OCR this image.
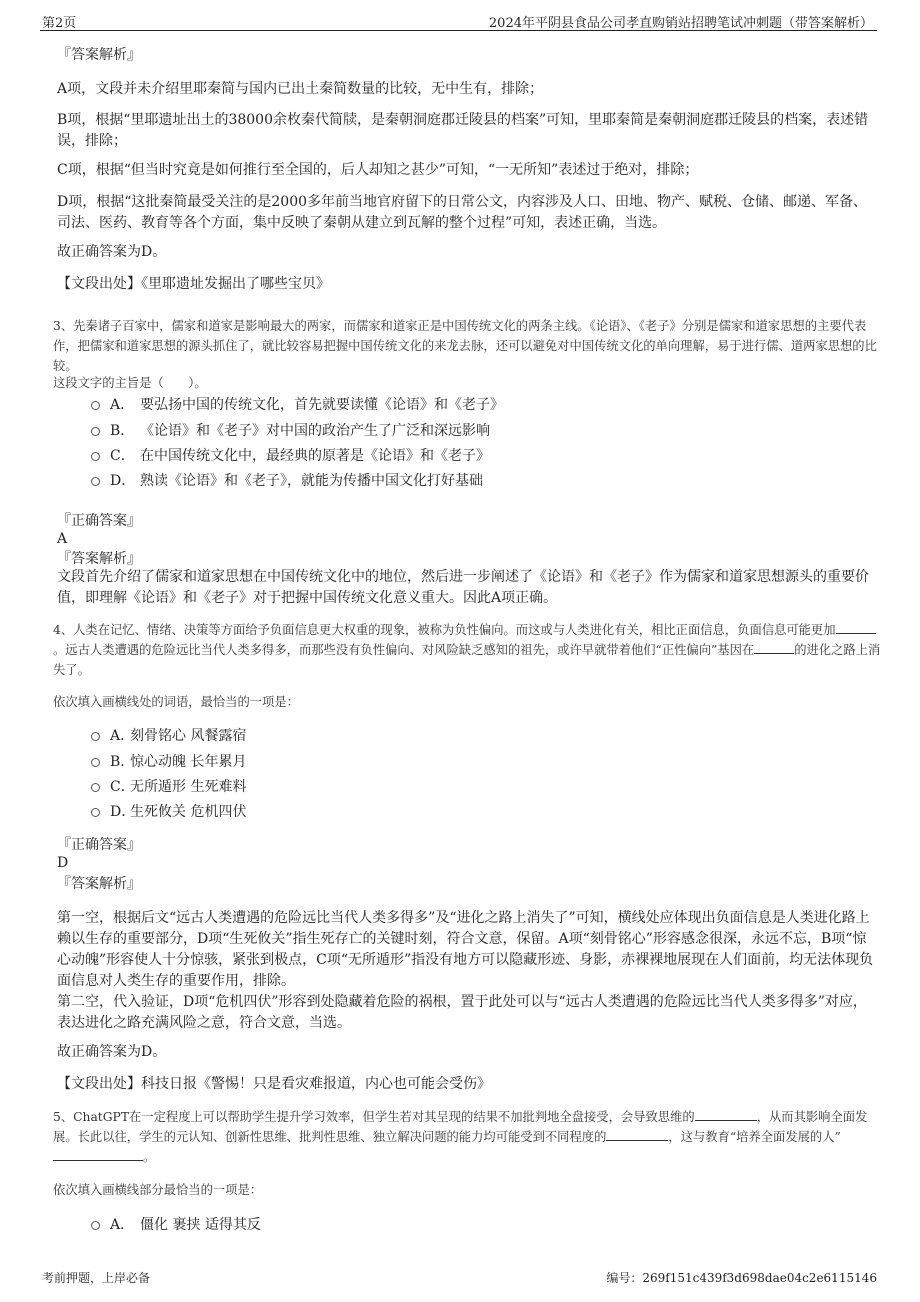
第2页	2024年平阴县食品公司孝直购销站招聘笔试冲刺题（带答案解析）

『答案解析』

A项，文段并未介绍里耶秦简与国内已出土秦简数量的比较，无中生有，排除；

B项，根据“里耶遗址出土的38000余枚秦代简牍，是秦朝洞庭郡迁陵县的档案”可知，里耶秦简是秦朝洞庭郡迁陵县的档案，表述错误，排除；

C项，根据“但当时究竟是如何推行至全国的，后人却知之甚少”可知，“一无所知”表述过于绝对，排除；

D项，根据“这批秦简最受关注的是2000多年前当地官府留下的日常公文，内容涉及人口、田地、物产、赋税、仓储、邮递、军备、司法、医药、教育等各个方面，集中反映了秦朝从建立到瓦解的整个过程”可知，表述正确，当选。

故正确答案为D。

【文段出处】《里耶遗址发掘出了哪些宝贝》

3、先秦诸子百家中，儒家和道家是影响最大的两家，而儒家和道家正是中国传统文化的两条主线。《论语》、《老子》分别是儒家和道家思想的主要代表作，把儒家和道家思想的源头抓住了，就比较容易把握中国传统文化的来龙去脉，还可以避免对中国传统文化的单向理解，易于进行儒、道两家思想的比较。

这段文字的主旨是（　　）。

A． 要弘扬中国的传统文化，首先就要读懂《论语》和《老子》
B． 《论语》和《老子》对中国的政治产生了广泛和深远影响
C． 在中国传统文化中，最经典的原著是《论语》和《老子》
D． 熟读《论语》和《老子》，就能为传播中国文化打好基础

『正确答案』

A

『答案解析』

文段首先介绍了儒家和道家思想在中国传统文化中的地位，然后进一步阐述了《论语》和《老子》作为儒家和道家思想源头的重要价值，即理解《论语》和《老子》对于把握中国传统文化意义重大。因此A项正确。

4、人类在记忆、情绪、决策等方面给予负面信息更大权重的现象，被称为负性偏向。而这或与人类进化有关，相比正面信息，负面信息可能更加。远古人类遭遇的危险远比当代人类多得多，而那些没有负性偏向、对风险缺乏感知的祖先，或许早就带着他们“正性偏向”基因在	的进化之路上消失了。

依次填入画横线处的词语，最恰当的一项是：

A．刻骨铭心 风餐露宿
B．惊心动魄 长年累月
C．无所遁形 生死难料
D．生死攸关 危机四伏

『正确答案』

D

『答案解析』

第一空，根据后文“远古人类遭遇的危险远比当代人类多得多”及“进化之路上消失了”可知，横线处应体现出负面信息是人类进化路上赖以生存的重要部分，D项“生死攸关”指生死存亡的关键时刻，符合文意，保留。A项“刻骨铭心”形容感念很深，永远不忘，B项“惊心动魄”形容使人十分惊骇，紧张到极点，C项“无所遁形”指没有地方可以隐藏形迹、身影，赤裸裸地展现在人们面前，均无法体现负面信息对人类生存的重要作用，排除。

第二空，代入验证，D项“危机四伏”形容到处隐藏着危险的祸根，置于此处可以与“远古人类遭遇的危险远比当代人类多得多”对应，表达进化之路充满风险之意，符合文意，当选。

故正确答案为D。

【文段出处】科技日报《警惕！只是看灾难报道，内心也可能会受伤》

5、ChatGPT在一定程度上可以帮助学生提升学习效率，但学生若对其呈现的结果不加批判地全盘接受，会导致思维的	，从而其影响全面发展。长此以往，学生的元认知、创新性思维、批判性思维、独立解决问题的能力均可能受到不同程度的	，这与教育“培养全面发展的人”。

依次填入画横线部分最恰当的一项是：

A． 僵化 裹挟 适得其反
考前押题，上岸必备	编号：269f151c439f3d698dae04c2e6115146
